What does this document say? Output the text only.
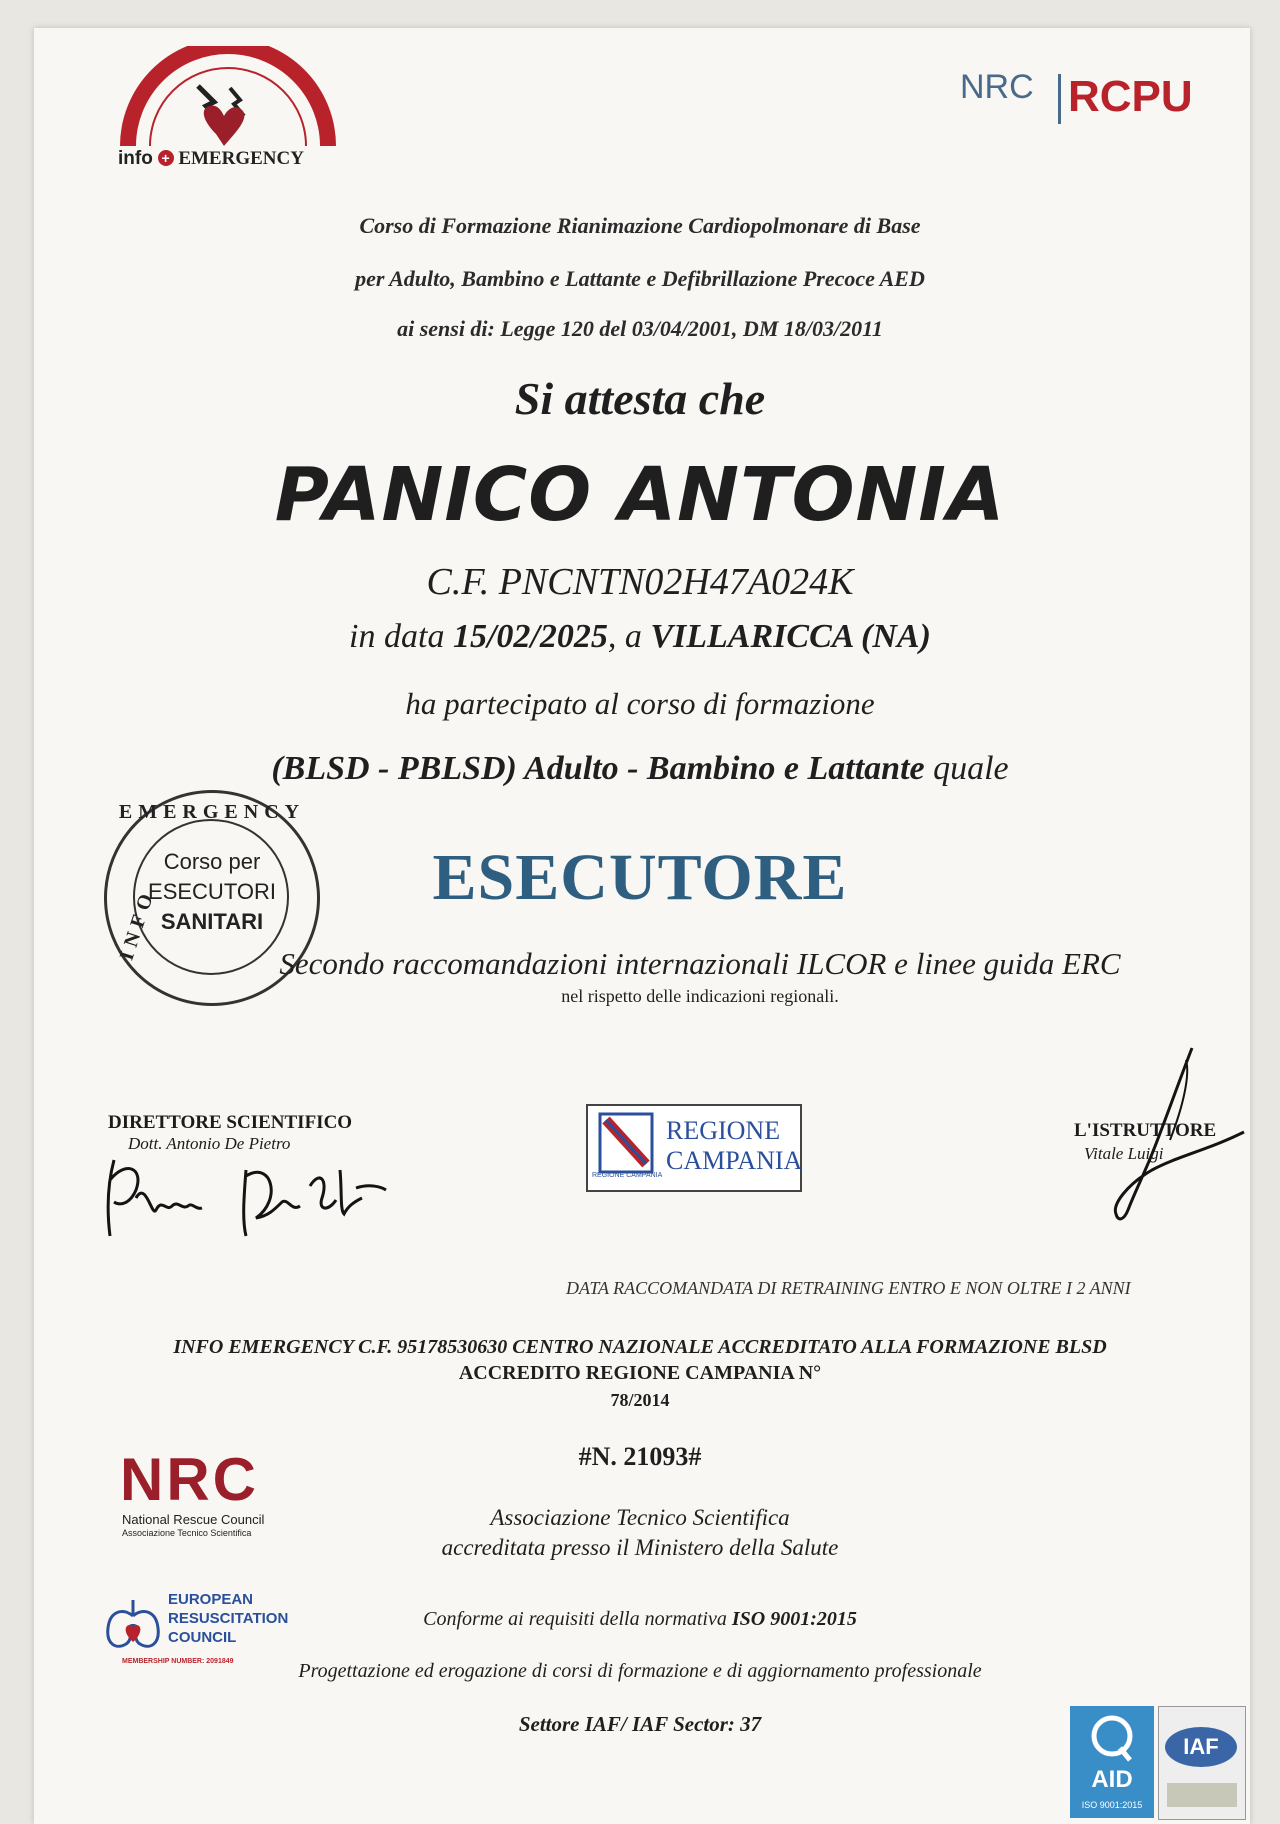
info + EMERGENCY
NRC RCPU
Corso di Formazione Rianimazione Cardiopolmonare di Base
per Adulto, Bambino e Lattante e Defibrillazione Precoce AED
ai sensi di: Legge 120 del 03/04/2001, DM 18/03/2011
Si attesta che
PANICO ANTONIA
C.F. PNCNTN02H47A024K
in data 15/02/2025, a VILLARICCA (NA)
ha partecipato al corso di formazione
(BLSD - PBLSD) Adulto - Bambino e Lattante quale
ESECUTORE
EMERGENCY
INFO
Corso per
ESECUTORI
SANITARI
Secondo raccomandazioni internazionali ILCOR e linee guida ERC
nel rispetto delle indicazioni regionali.
DIRETTORE SCIENTIFICO
Dott. Antonio De Pietro
REGIONE CAMPANIA
REGIONE
CAMPANIA
L'ISTRUTTORE
Vitale Luigi
DATA RACCOMANDATA DI RETRAINING ENTRO E NON OLTRE I 2 ANNI
INFO EMERGENCY C.F. 95178530630 CENTRO NAZIONALE ACCREDITATO ALLA FORMAZIONE BLSD
ACCREDITO REGIONE CAMPANIA N°
78/2014
#N. 21093#
NRC
National Rescue Council
Associazione Tecnico Scientifica
Associazione Tecnico Scientifica
accreditata presso il Ministero della Salute
EUROPEAN
RESUSCITATION
COUNCIL
MEMBERSHIP NUMBER: 2091849
Conforme ai requisiti della normativa ISO 9001:2015
Progettazione ed erogazione di corsi di formazione e di aggiornamento professionale
Settore IAF/ IAF Sector: 37
AID
ISO 9001:2015
IAF
